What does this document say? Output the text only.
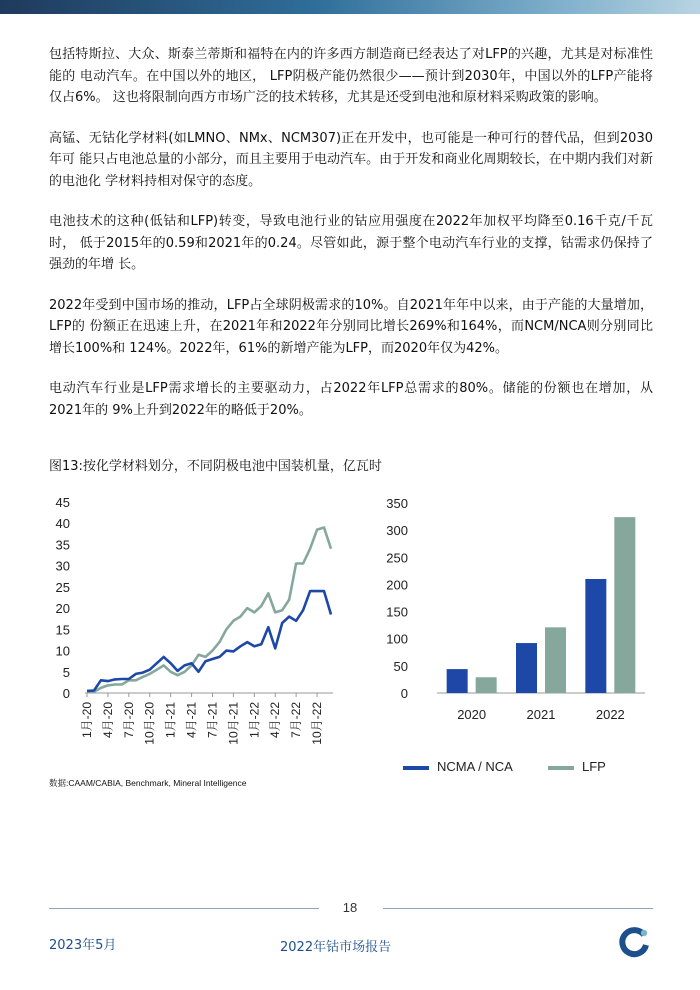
包括特斯拉、大众、斯泰兰蒂斯和福特在内的许多西方制造商已经表达了对LFP的兴趣，尤其是对标准性能的 电动汽车。在中国以外的地区， LFP阴极产能仍然很少——预计到2030年，中国以外的LFP产能将仅占6%。 这也将限制向西方市场广泛的技术转移，尤其是还受到电池和原材料采购政策的影响。

高锰、无钴化学材料(如LMNO、NMx、NCM307)正在开发中，也可能是一种可行的替代品，但到2030年可 能只占电池总量的小部分，而且主要用于电动汽车。由于开发和商业化周期较长，在中期内我们对新的电池化 学材料持相对保守的态度。

电池技术的这种(低钴和LFP)转变，导致电池行业的钴应用强度在2022年加权平均降至0.16千克/千瓦时， 低于2015年的0.59和2021年的0.24。尽管如此，源于整个电动汽车行业的支撑，钴需求仍保持了强劲的年增 长。

2022年受到中国市场的推动，LFP占全球阴极需求的10%。自2021年年中以来，由于产能的大量增加，LFP的 份额正在迅速上升，在2021年和2022年分别同比增长269%和164%，而NCM/NCA则分别同比增长100%和 124%。2022年，61%的新增产能为LFP，而2020年仅为42%。

电动汽车行业是LFP需求增长的主要驱动力，占2022年LFP总需求的80%。储能的份额也在增加，从2021年的 9%上升到2022年的略低于20%。

图13:按化学材料划分，不同阴极电池中国装机量，亿瓦时
0
5
10
15
20
25
30
35
40
45
1月-20 4月-20 7月-20 10月-20 1月-21 4月-21 7月-21 10月-21 1月-22 4月-22 7月-22 10月-22
0
50
100
150
200
250
300
350
2020	2021	2022
NCMA / NCA	LFP
数据:CAAM/CABIA, Benchmark, Mineral Intelligence
18
2023年5月	2022年钴市场报告
